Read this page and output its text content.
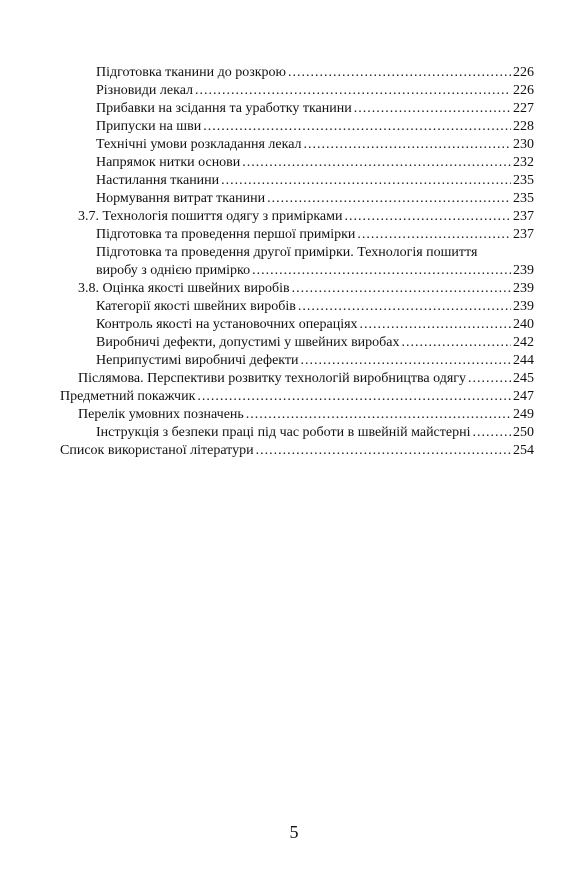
Підготовка тканини до розкрою .....	226
Різновиди лекал .....	226
Прибавки на зсідання та уработку тканини .....	227
Припуски на шви .....	228
Технічні умови розкладання лекал .....	230
Напрямок нитки основи .....	232
Настилання тканини .....	235
Нормування витрат тканини .....	235
3.7. Технологія пошиття одягу з примірками .....	237
Підготовка та проведення першої примірки .....	237
Підготовка та проведення другої примірки. Технологія пошиття
виробу з однією примірко .....	239
3.8. Оцінка якості швейних виробів .....	239
Категорії якості швейних виробів .....	239
Контроль якості на установочних операціях .....	240
Виробничі дефекти, допустимі у швейних виробах .....	242
Неприпустимі виробничі дефекти .....	244
Післямова. Перспективи розвитку технологій виробництва одягу .....	245
Предметний покажчик .....	247
Перелік умовних позначень .....	249
Інструкція з безпеки праці під час роботи в швейній майстерні .....	250
Список використаної літератури .....	254
5
